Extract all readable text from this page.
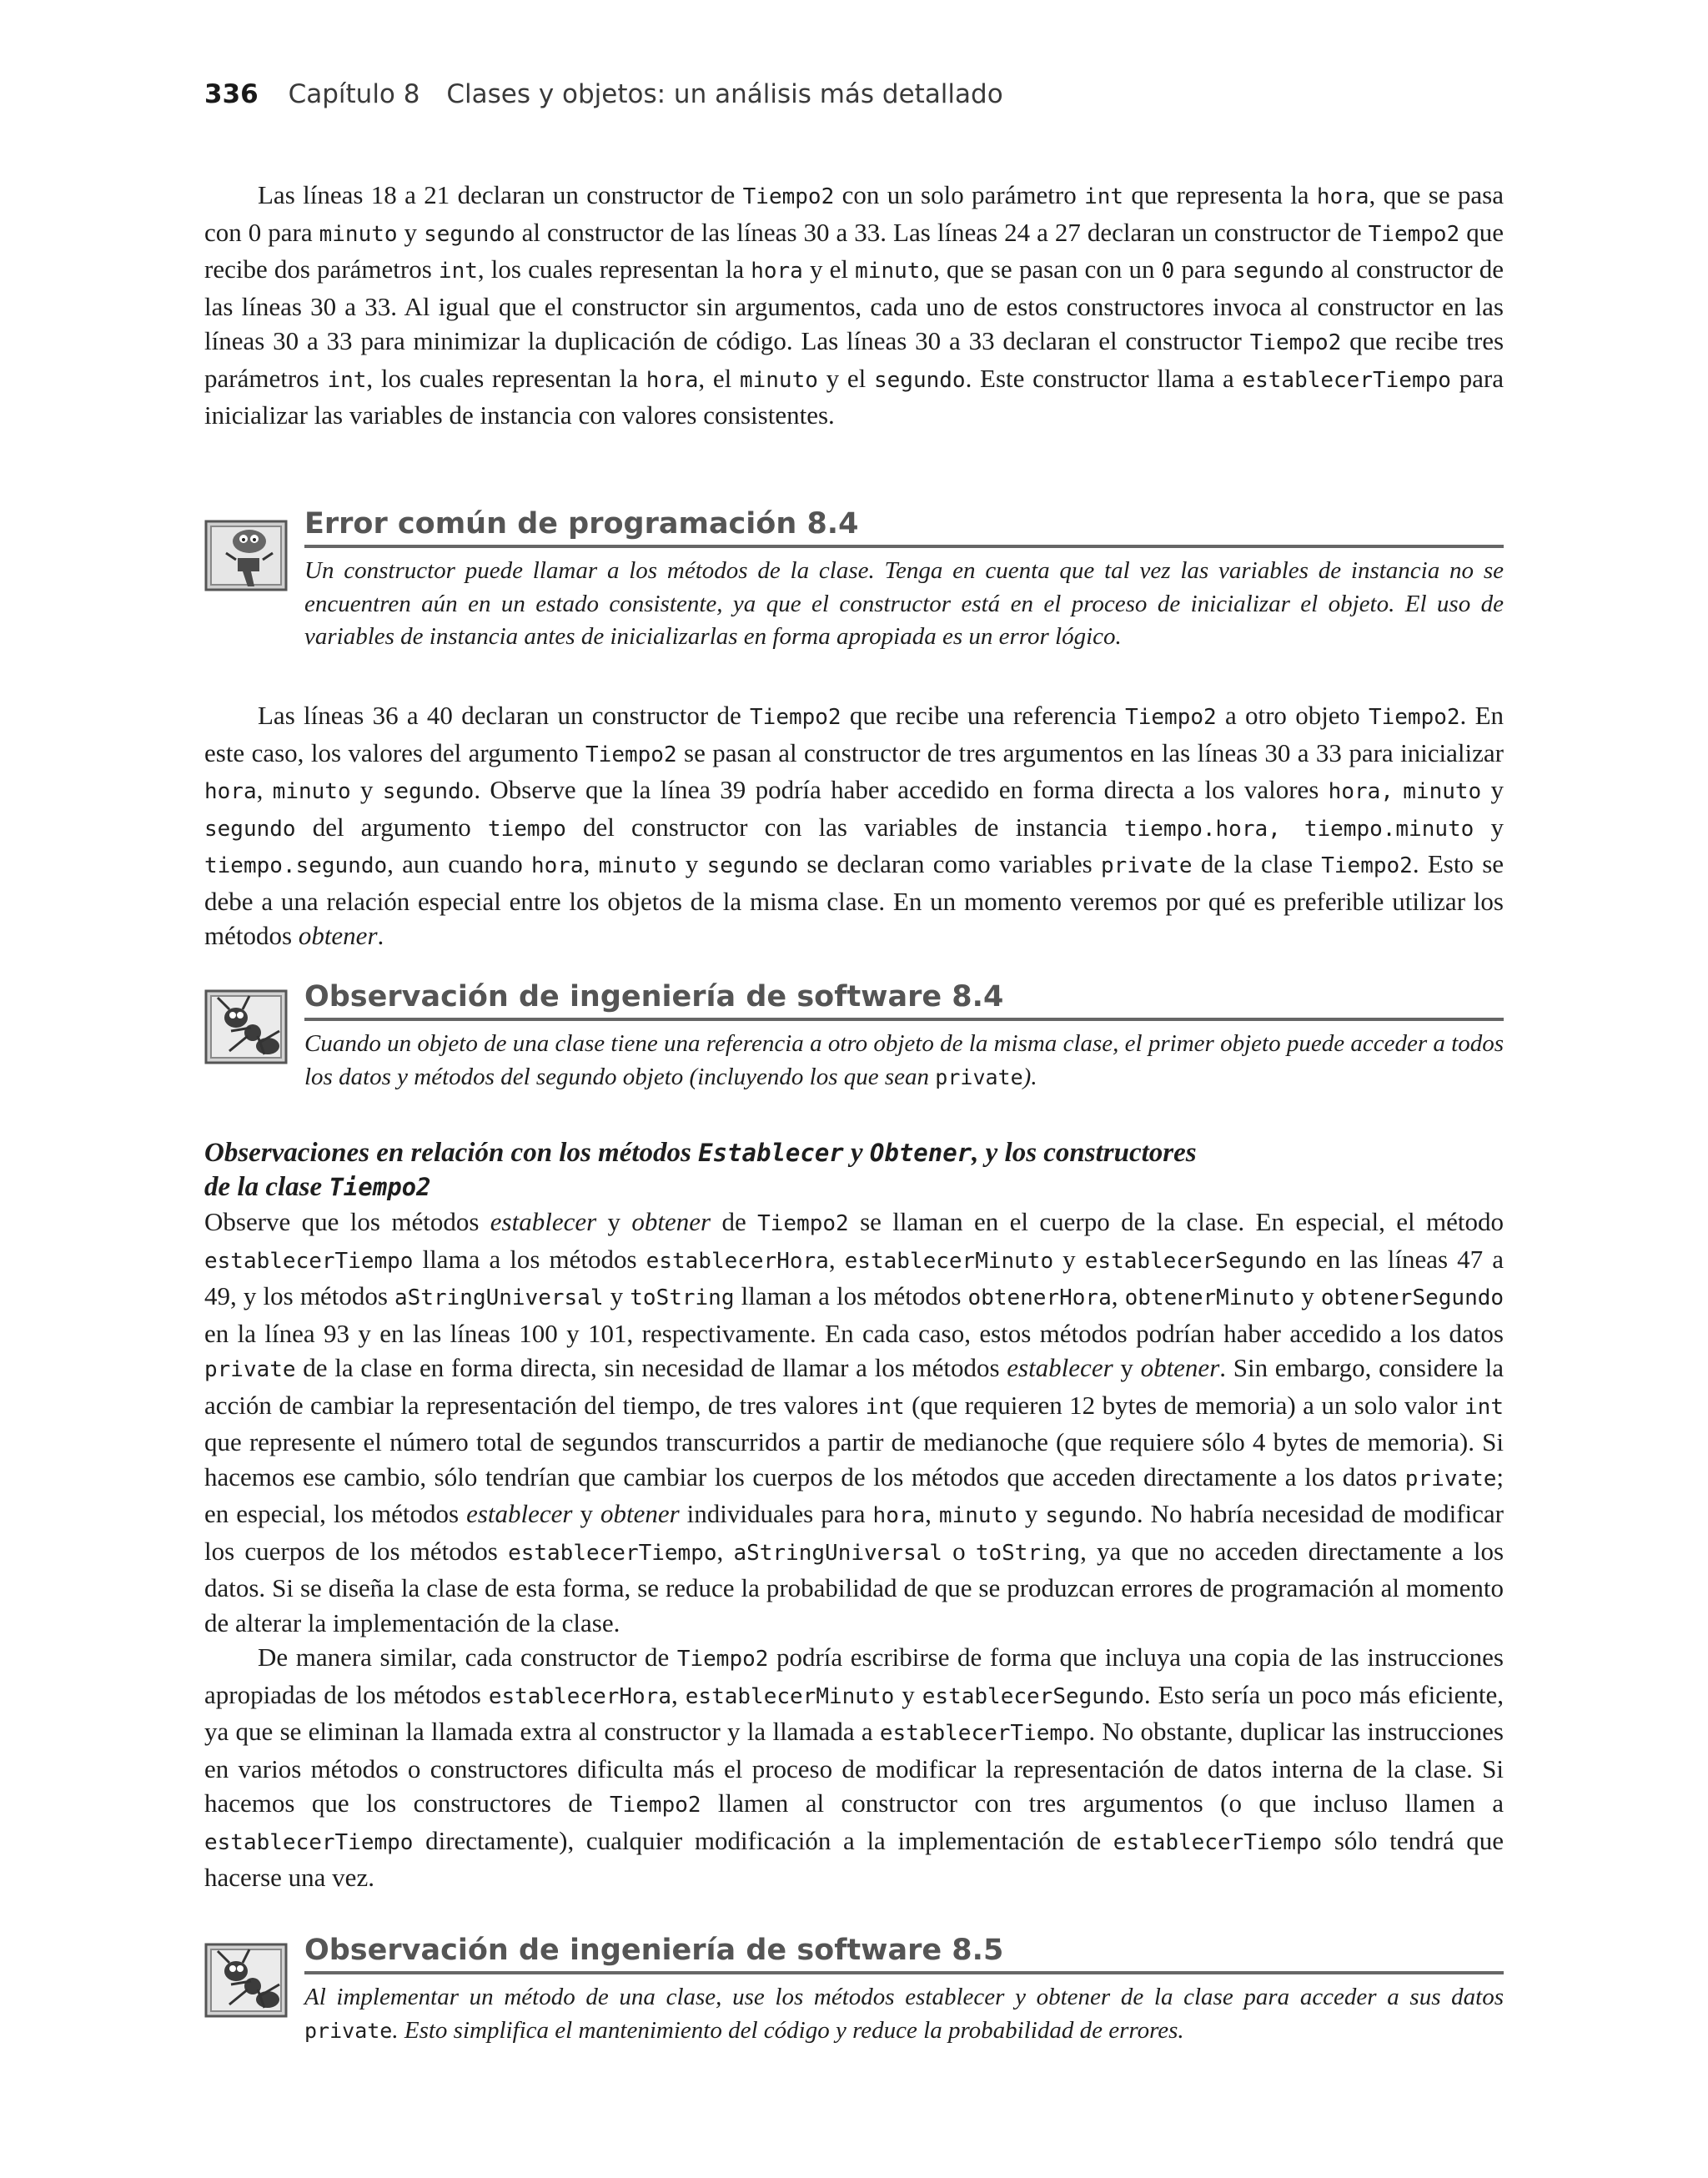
336 Capítulo 8 Clases y objetos: un análisis más detallado

Las líneas 18 a 21 declaran un constructor de Tiempo2 con un solo parámetro int que representa la hora, que se pasa con 0 para minuto y segundo al constructor de las líneas 30 a 33. Las líneas 24 a 27 declaran un constructor de Tiempo2 que recibe dos parámetros int, los cuales representan la hora y el minuto, que se pasan con un 0 para segundo al constructor de las líneas 30 a 33. Al igual que el constructor sin argumentos, cada uno de estos constructores invoca al constructor en las líneas 30 a 33 para minimizar la duplicación de código. Las líneas 30 a 33 declaran el constructor Tiempo2 que recibe tres parámetros int, los cuales representan la hora, el minuto y el segundo. Este constructor llama a establecerTiempo para inicializar las variables de instancia con valores consistentes.

Error común de programación 8.4
Un constructor puede llamar a los métodos de la clase. Tenga en cuenta que tal vez las variables de instancia no se encuentren aún en un estado consistente, ya que el constructor está en el proceso de inicializar el objeto. El uso de variables de instancia antes de inicializarlas en forma apropiada es un error lógico.

Las líneas 36 a 40 declaran un constructor de Tiempo2 que recibe una referencia Tiempo2 a otro objeto Tiempo2. En este caso, los valores del argumento Tiempo2 se pasan al constructor de tres argumentos en las líneas 30 a 33 para inicializar hora, minuto y segundo. Observe que la línea 39 podría haber accedido en forma directa a los valores hora, minuto y segundo del argumento tiempo del constructor con las variables de instancia tiempo.hora, tiempo.minuto y tiempo.segundo, aun cuando hora, minuto y segundo se declaran como variables private de la clase Tiempo2. Esto se debe a una relación especial entre los objetos de la misma clase. En un momento veremos por qué es preferible utilizar los métodos obtener.

Observación de ingeniería de software 8.4
Cuando un objeto de una clase tiene una referencia a otro objeto de la misma clase, el primer objeto puede acceder a todos los datos y métodos del segundo objeto (incluyendo los que sean private).
Observaciones en relación con los métodos Establecer y Obtener, y los constructores
de la clase Tiempo2

Observe que los métodos establecer y obtener de Tiempo2 se llaman en el cuerpo de la clase. En especial, el método establecerTiempo llama a los métodos establecerHora, establecerMinuto y establecerSegundo en las líneas 47 a 49, y los métodos aStringUniversal y toString llaman a los métodos obtenerHora, obtenerMinuto y obtenerSegundo en la línea 93 y en las líneas 100 y 101, respectivamente. En cada caso, estos métodos podrían haber accedido a los datos private de la clase en forma directa, sin necesidad de llamar a los métodos establecer y obtener. Sin embargo, considere la acción de cambiar la representación del tiempo, de tres valores int (que requieren 12 bytes de memoria) a un solo valor int que represente el número total de segundos transcurridos a partir de medianoche (que requiere sólo 4 bytes de memoria). Si hacemos ese cambio, sólo tendrían que cambiar los cuerpos de los métodos que acceden directamente a los datos private; en especial, los métodos establecer y obtener individuales para hora, minuto y segundo. No habría necesidad de modificar los cuerpos de los métodos establecerTiempo, aStringUniversal o toString, ya que no acceden directamente a los datos. Si se diseña la clase de esta forma, se reduce la probabilidad de que se produzcan errores de programación al momento de alterar la implementación de la clase.

De manera similar, cada constructor de Tiempo2 podría escribirse de forma que incluya una copia de las instrucciones apropiadas de los métodos establecerHora, establecerMinuto y establecerSegundo. Esto sería un poco más eficiente, ya que se eliminan la llamada extra al constructor y la llamada a establecerTiempo. No obstante, duplicar las instrucciones en varios métodos o constructores dificulta más el proceso de modificar la representación de datos interna de la clase. Si hacemos que los constructores de Tiempo2 llamen al constructor con tres argumentos (o que incluso llamen a establecerTiempo directamente), cualquier modificación a la implementación de establecerTiempo sólo tendrá que hacerse una vez.

Observación de ingeniería de software 8.5
Al implementar un método de una clase, use los métodos establecer y obtener de la clase para acceder a sus datos private. Esto simplifica el mantenimiento del código y reduce la probabilidad de errores.
